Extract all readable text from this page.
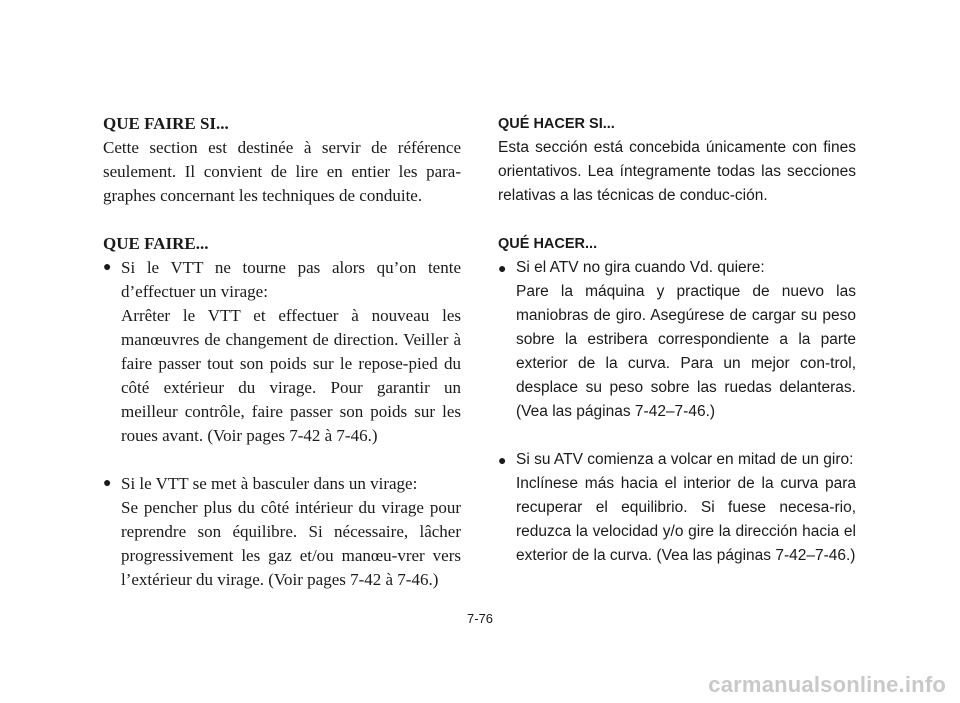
QUE FAIRE SI...

Cette section est destinée à servir de référence seulement. Il convient de lire en entier les para-graphes concernant les techniques de conduite.

QUE FAIRE...

● Si le VTT ne tourne pas alors qu’on tente d’effectuer un virage:

Arrêter le VTT et effectuer à nouveau les manœuvres de changement de direction. Veiller à faire passer tout son poids sur le repose-pied du côté extérieur du virage. Pour garantir un meilleur contrôle, faire passer son poids sur les roues avant. (Voir pages 7-42 à 7-46.)

● Si le VTT se met à basculer dans un virage:

Se pencher plus du côté intérieur du virage pour reprendre son équilibre. Si nécessaire, lâcher progressivement les gaz et/ou manœu-vrer vers l’extérieur du virage. (Voir pages 7-42 à 7-46.)

QUÉ HACER SI...

Esta sección está concebida únicamente con fines orientativos. Lea íntegramente todas las secciones relativas a las técnicas de conduc-ción.

QUÉ HACER...

● Si el ATV no gira cuando Vd. quiere:

Pare la máquina y practique de nuevo las maniobras de giro. Asegúrese de cargar su peso sobre la estribera correspondiente a la parte exterior de la curva. Para un mejor con-trol, desplace su peso sobre las ruedas delanteras. (Vea las páginas 7-42–7-46.)

● Si su ATV comienza a volcar en mitad de un giro:

Inclínese más hacia el interior de la curva para recuperar el equilibrio. Si fuese necesa-rio, reduzca la velocidad y/o gire la dirección hacia el exterior de la curva. (Vea las páginas 7-42–7-46.)

7-76
carmanualsonline.info
